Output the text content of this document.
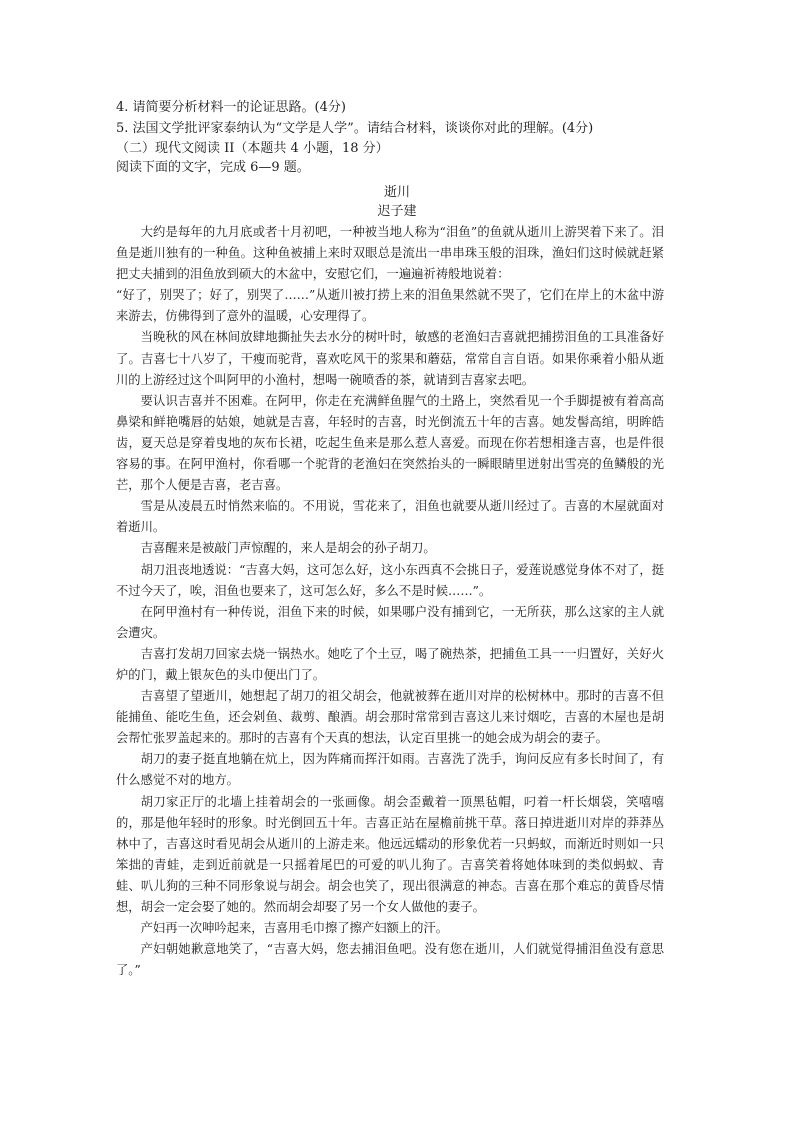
4. 请简要分析材料一的论证思路。(4分)
5. 法国文学批评家泰纳认为“文学是人学”。请结合材料，谈谈你对此的理解。(4分)
（二）现代文阅读 II（本题共 4 小题，18 分）
阅读下面的文字，完成 6—9 题。
逝川
迟子建

大约是每年的九月底或者十月初吧，一种被当地人称为“泪鱼”的鱼就从逝川上游哭着下来了。泪鱼是逝川独有的一种鱼。这种鱼被捕上来时双眼总是流出一串串珠玉般的泪珠，渔妇们这时候就赶紧把丈夫捕到的泪鱼放到硕大的木盆中，安慰它们，一遍遍祈祷般地说着：

“好了，别哭了；好了，别哭了……”从逝川被打捞上来的泪鱼果然就不哭了，它们在岸上的木盆中游来游去，仿佛得到了意外的温暖，心安理得了。

当晚秋的风在林间放肆地撕扯失去水分的树叶时，敏感的老渔妇吉喜就把捕捞泪鱼的工具准备好了。吉喜七十八岁了，干瘦而驼背，喜欢吃风干的浆果和蘑菇，常常自言自语。如果你乘着小船从逝川的上游经过这个叫阿甲的小渔村，想喝一碗喷香的茶，就请到吉喜家去吧。

要认识吉喜并不困难。在阿甲，你走在充满鲜鱼腥气的土路上，突然看见一个手脚提被有着高高鼻梁和鲜艳嘴唇的姑娘，她就是吉喜，年轻时的吉喜，时光倒流五十年的吉喜。她发髻高绾，明眸皓齿，夏天总是穿着曳地的灰布长裙，吃起生鱼来是那么惹人喜爱。而现在你若想相逢吉喜，也是件很容易的事。在阿甲渔村，你看哪一个驼背的老渔妇在突然抬头的一瞬眼睛里迸射出雪亮的鱼鳞般的光芒，那个人便是吉喜，老吉喜。

雪是从凌晨五时悄然来临的。不用说，雪花来了，泪鱼也就要从逝川经过了。吉喜的木屋就面对着逝川。

吉喜醒来是被敲门声惊醒的，来人是胡会的孙子胡刀。

胡刀沮丧地透说：“吉喜大妈，这可怎么好，这小东西真不会挑日子，爱莲说感觉身体不对了，挺不过今天了，唉，泪鱼也要来了，这可怎么好，多么不是时候……”。

在阿甲渔村有一种传说，泪鱼下来的时候，如果哪户没有捕到它，一无所获，那么这家的主人就会遭灾。

吉喜打发胡刀回家去烧一锅热水。她吃了个土豆，喝了碗热茶，把捕鱼工具一一归置好，关好火炉的门，戴上银灰色的头巾便出门了。

吉喜望了望逝川，她想起了胡刀的祖父胡会，他就被葬在逝川对岸的松树林中。那时的吉喜不但能捕鱼、能吃生鱼，还会剁鱼、裁剪、酿酒。胡会那时常常到吉喜这儿来讨烟吃，吉喜的木屋也是胡会帮忙张罗盖起来的。那时的吉喜有个天真的想法，认定百里挑一的她会成为胡会的妻子。

胡刀的妻子挺直地躺在炕上，因为阵痛而挥汗如雨。吉喜洗了洗手，询问反应有多长时间了，有什么感觉不对的地方。

胡刀家正厅的北墙上挂着胡会的一张画像。胡会歪戴着一顶黑毡帽，叼着一杆长烟袋，笑嘻嘻的，那是他年轻时的形象。时光倒回五十年。吉喜正站在屋檐前挑干草。落日掉进逝川对岸的莽莽丛林中了，吉喜这时看见胡会从逝川的上游走来。他远远蠕动的形象优若一只蚂蚁，而渐近时则如一只笨拙的青蛙，走到近前就是一只摇着尾巴的可爱的叭儿狗了。吉喜笑着将她体味到的类似蚂蚁、青蛙、叭儿狗的三种不同形象说与胡会。胡会也笑了，现出很满意的神态。吉喜在那个难忘的黄昏尽情想，胡会一定会娶了她的。然而胡会却娶了另一个女人做他的妻子。

产妇再一次呻吟起来，吉喜用毛巾擦了擦产妇额上的汗。

产妇朝她歉意地笑了，“吉喜大妈，您去捕泪鱼吧。没有您在逝川，人们就觉得捕泪鱼没有意思了。”
